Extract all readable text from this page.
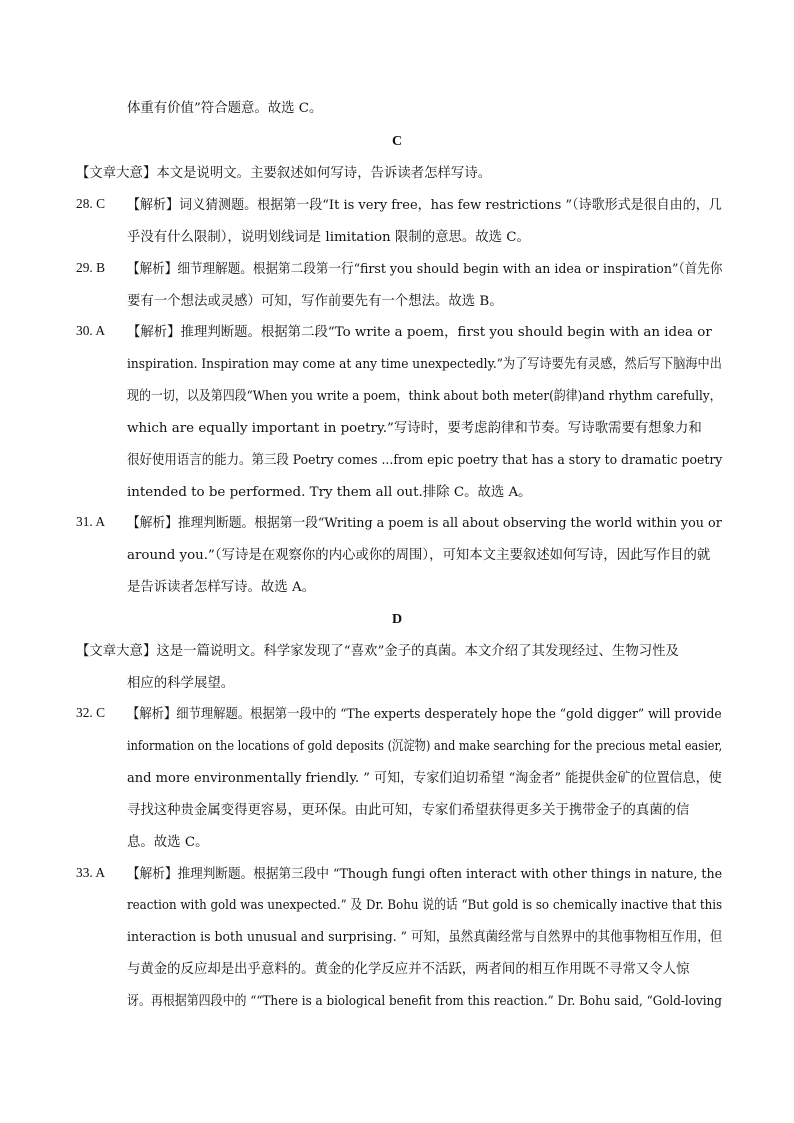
体重有价值”符合题意。故选 C。
C
【文章大意】本文是说明文。主要叙述如何写诗，告诉读者怎样写诗。
28. C 【解析】词义猜测题。根据第一段“It is very free，has few restrictions ”（诗歌形式是很自由的，几
乎没有什么限制），说明划线词是 limitation 限制的意思。故选 C。
29. B 【解析】细节理解题。根据第二段第一行“first you should begin with an idea or inspiration”（首先你
要有一个想法或灵感）可知，写作前要先有一个想法。故选 B。
30. A 【解析】推理判断题。根据第二段“To write a poem，first you should begin with an idea or
inspiration. Inspiration may come at any time unexpectedly.”为了写诗要先有灵感，然后写下脑海中出
现的一切，以及第四段“When you write a poem，think about both meter(韵律)and rhythm carefully，
which are equally important in poetry.”写诗时，要考虑韵律和节奏。写诗歌需要有想象力和
很好使用语言的能力。第三段 Poetry comes ...from epic poetry that has a story to dramatic poetry
intended to be performed. Try them all out.排除 C。故选 A。
31. A 【解析】推理判断题。根据第一段“Writing a poem is all about observing the world within you or
around you.”（写诗是在观察你的内心或你的周围），可知本文主要叙述如何写诗，因此写作目的就
是告诉读者怎样写诗。故选 A。
D
【文章大意】这是一篇说明文。科学家发现了“喜欢”金子的真菌。本文介绍了其发现经过、生物习性及
相应的科学展望。
32. C 【解析】细节理解题。根据第一段中的 “The experts desperately hope the “gold digger” will provide
information on the locations of gold deposits (沉淀物) and make searching for the precious metal easier,
and more environmentally friendly. ” 可知，专家们迫切希望 “淘金者” 能提供金矿的位置信息，使
寻找这种贵金属变得更容易，更环保。由此可知，专家们希望获得更多关于携带金子的真菌的信
息。故选 C。
33. A 【解析】推理判断题。根据第三段中 “Though fungi often interact with other things in nature, the
reaction with gold was unexpected.” 及 Dr. Bohu 说的话 “But gold is so chemically inactive that this
interaction is both unusual and surprising. ” 可知，虽然真菌经常与自然界中的其他事物相互作用，但
与黄金的反应却是出乎意料的。黄金的化学反应并不活跃，两者间的相互作用既不寻常又令人惊
讶。再根据第四段中的 ““There is a biological benefit from this reaction.” Dr. Bohu said, “Gold-loving
